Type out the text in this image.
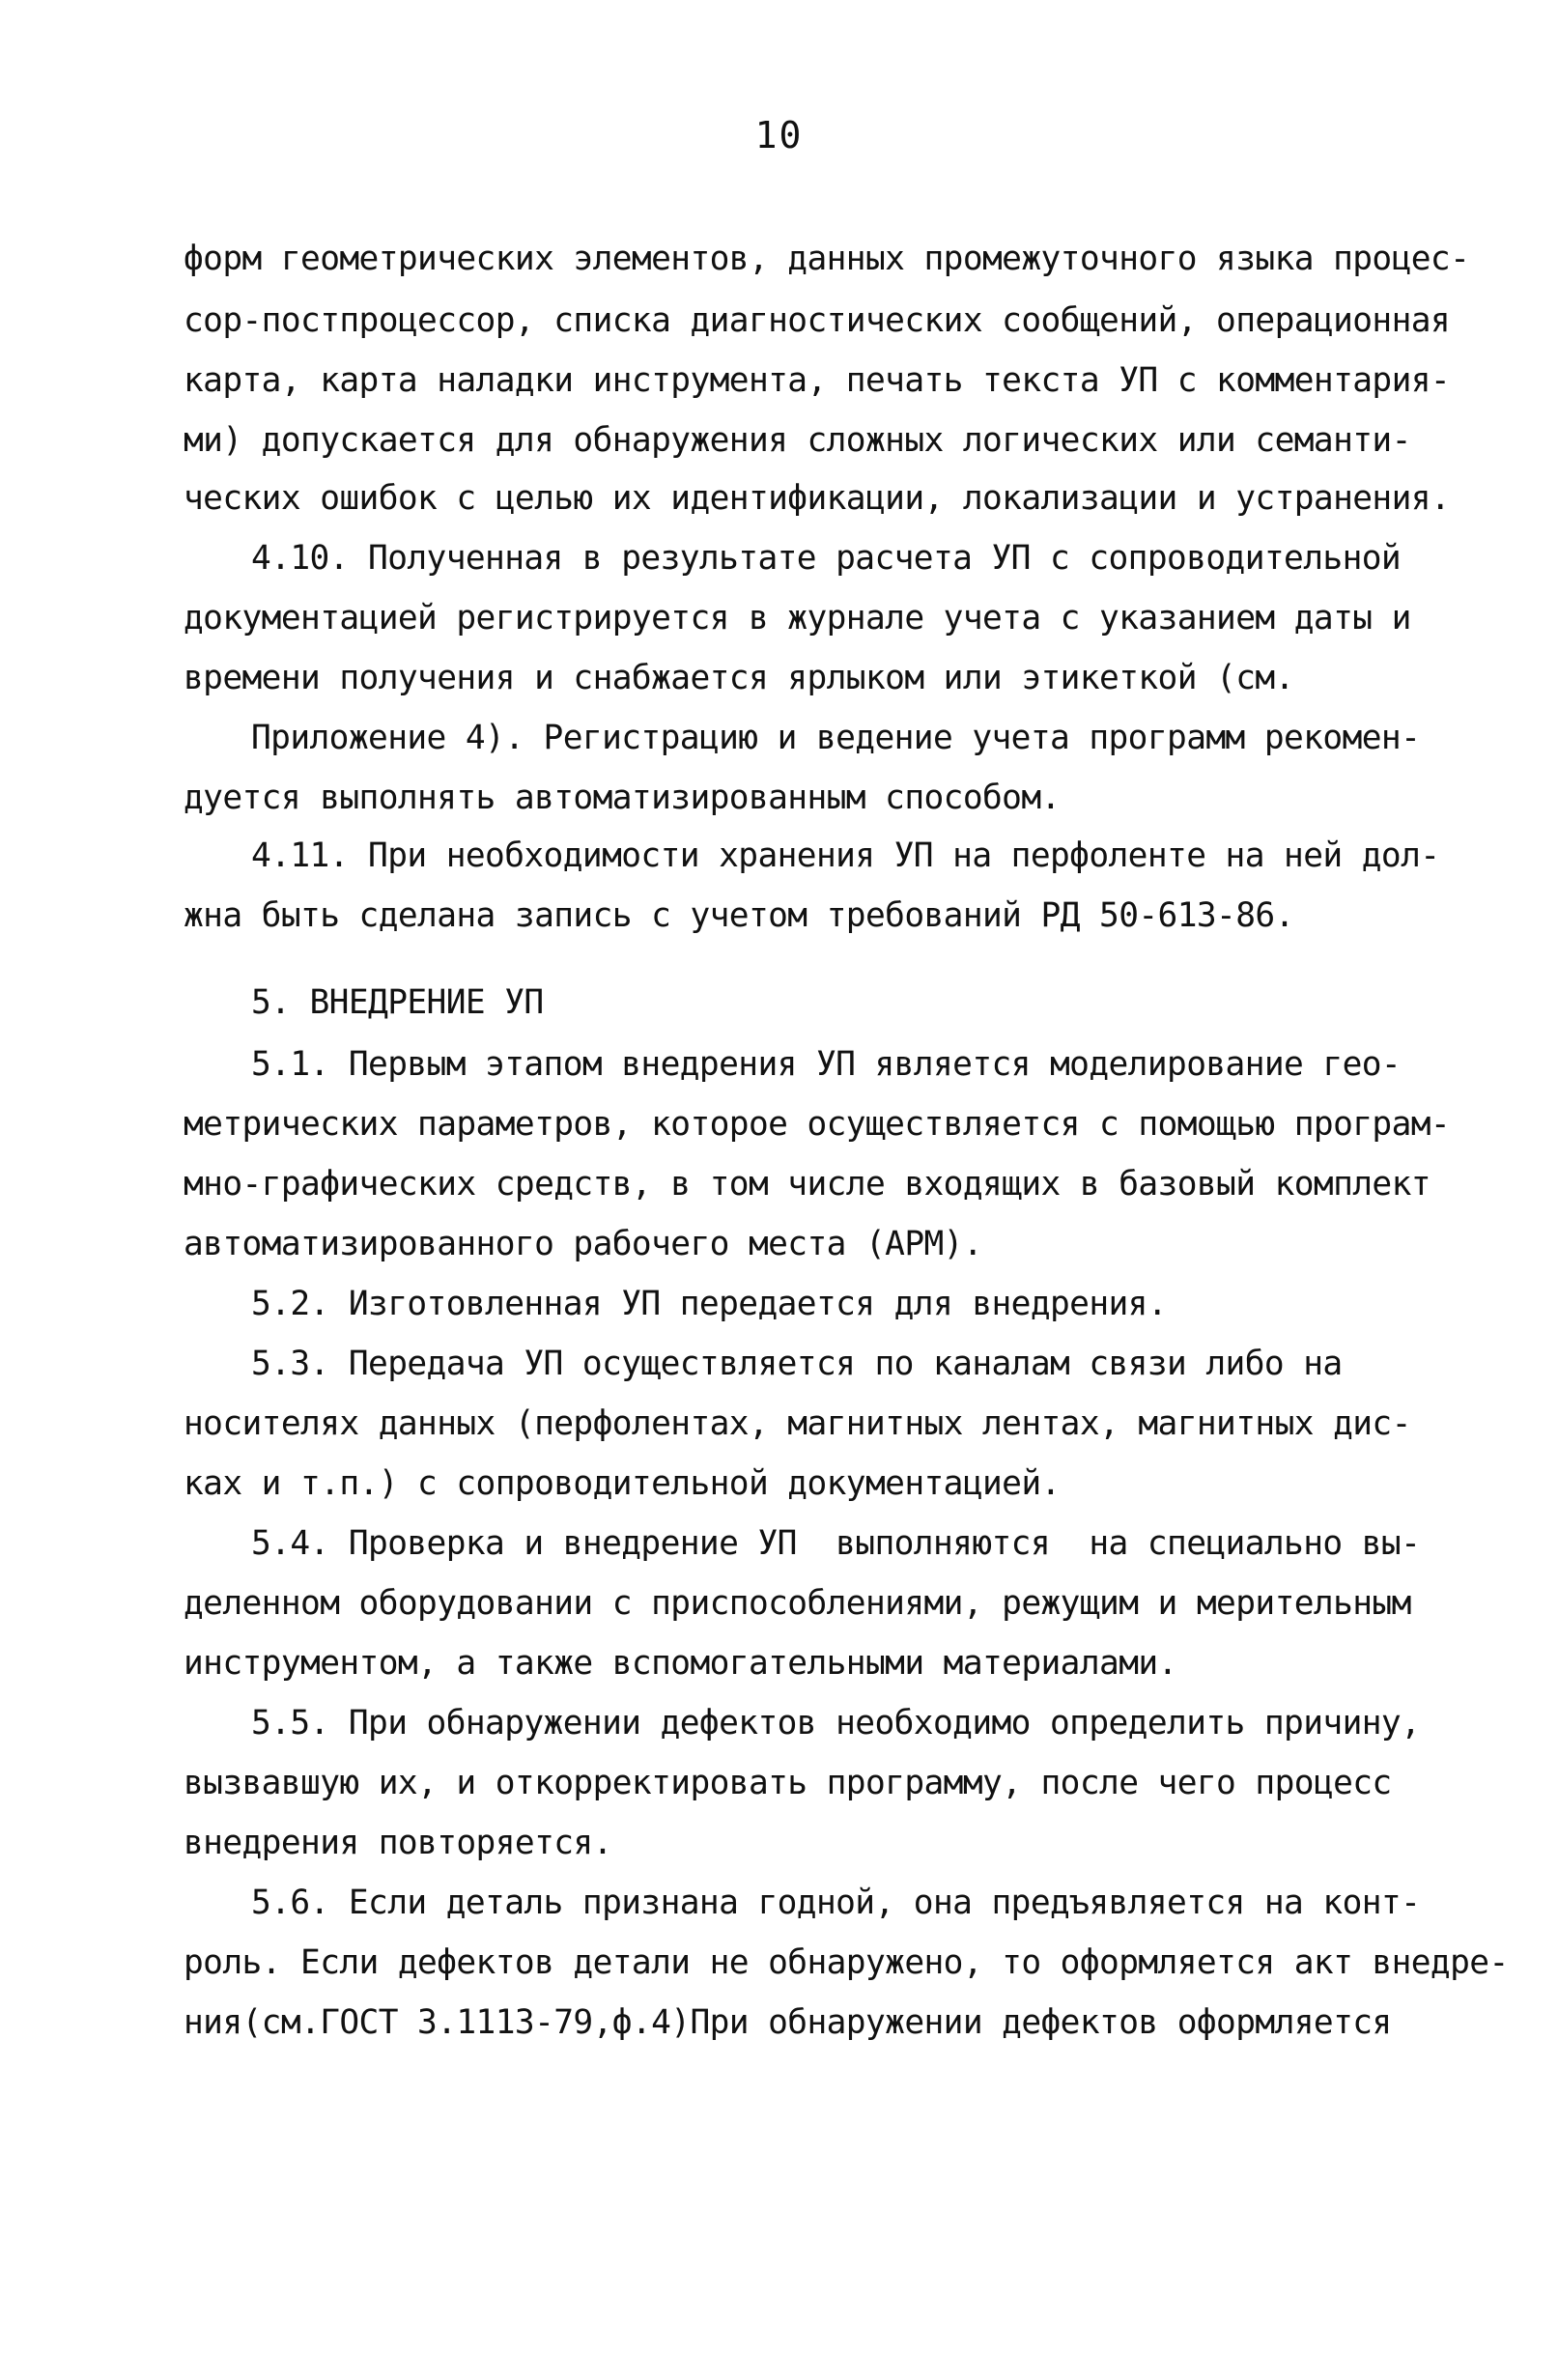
10
форм геометрических элементов, данных промежуточного языка процес-
сор-постпроцессор, списка диагностических сообщений, операционная
карта, карта наладки инструмента, печать текста УП с комментария-
ми) допускается для обнаружения сложных логических или семанти-
ческих ошибок с целью их идентификации, локализации и устранения.
4.10. Полученная в результате расчета УП с сопроводительной
документацией регистрируется в журнале учета с указанием даты и
времени получения и снабжается ярлыком или этикеткой (см.
Приложение 4). Регистрацию и ведение учета программ рекомен-
дуется выполнять автоматизированным способом.
4.11. При необходимости хранения УП на перфоленте на ней дол-
жна быть сделана запись с учетом требований РД 50-613-86.
5. ВНЕДРЕНИЕ УП
5.1. Первым этапом внедрения УП является моделирование гео-
метрических параметров, которое осуществляется с помощью програм-
мно-графических средств, в том числе входящих в базовый комплект
автоматизированного рабочего места (АРМ).
5.2. Изготовленная УП передается для внедрения.
5.3. Передача УП осуществляется по каналам связи либо на
носителях данных (перфолентах, магнитных лентах, магнитных дис-
ках и т.п.) с сопроводительной документацией.
5.4. Проверка и внедрение УП  выполняются  на специально вы-
деленном оборудовании с приспособлениями, режущим и мерительным
инструментом, а также вспомогательными материалами.
5.5. При обнаружении дефектов необходимо определить причину,
вызвавшую их, и откорректировать программу, после чего процесс
внедрения повторяется.
5.6. Если деталь признана годной, она предъявляется на конт-
роль. Если дефектов детали не обнаружено, то оформляется акт внедре-
ния(см.ГОСТ 3.1113-79,ф.4)При обнаружении дефектов оформляется
